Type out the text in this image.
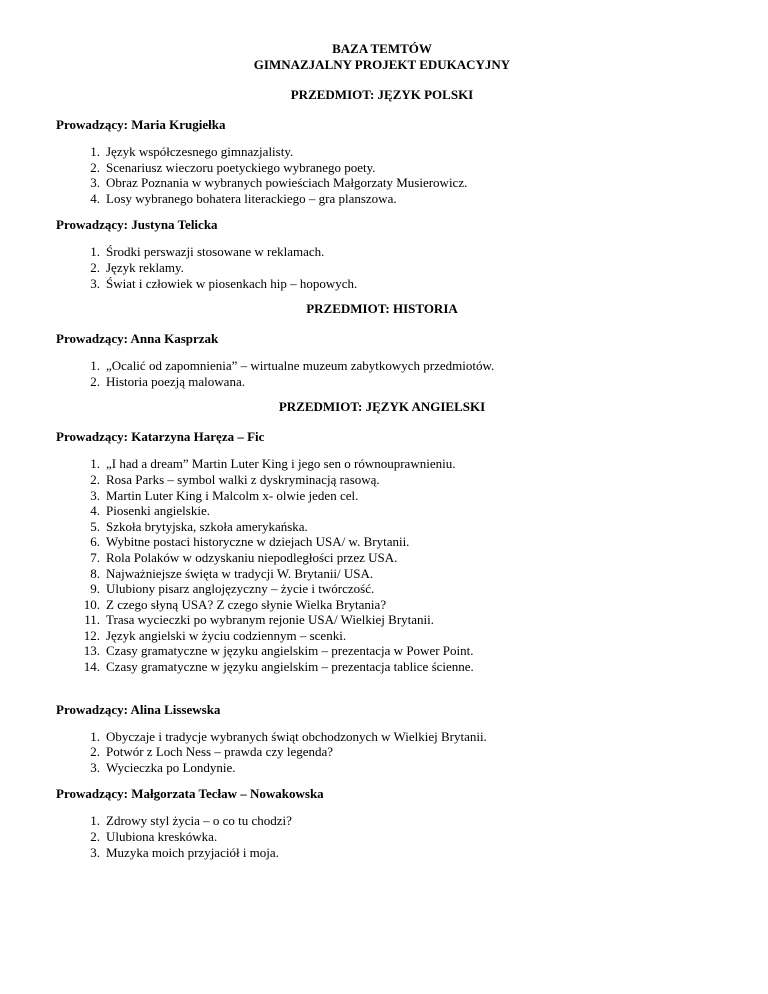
BAZA TEMTÓW
GIMNAZJALNY PROJEKT EDUKACYJNY

PRZEDMIOT: JĘZYK POLSKI

Prowadzący: Maria Krugiełka

1. Język współczesnego gimnazjalisty.
2. Scenariusz wieczoru poetyckiego wybranego poety.
3. Obraz Poznania w wybranych powieściach Małgorzaty Musierowicz.
4. Losy wybranego bohatera literackiego – gra planszowa.

Prowadzący: Justyna Telicka

1. Środki perswazji stosowane w reklamach.
2. Język reklamy.
3. Świat i człowiek w piosenkach hip – hopowych.

PRZEDMIOT: HISTORIA

Prowadzący: Anna Kasprzak

1. „Ocalić od zapomnienia” – wirtualne muzeum zabytkowych przedmiotów.
2. Historia poezją malowana.

PRZEDMIOT: JĘZYK ANGIELSKI

Prowadzący: Katarzyna Haręza – Fic

1. „I had a dream” Martin Luter King i jego sen o równouprawnieniu.
2. Rosa Parks – symbol walki z dyskryminacją rasową.
3. Martin Luter King i Malcolm x- olwie jeden cel.
4. Piosenki angielskie.
5. Szkoła brytyjska, szkoła amerykańska.
6. Wybitne postaci historyczne w dziejach USA/ w. Brytanii.
7. Rola Polaków w odzyskaniu niepodległości przez USA.
8. Najważniejsze święta w tradycji W. Brytanii/ USA.
9. Ulubiony pisarz anglojęzyczny – życie i twórczość.
10. Z czego słyną USA? Z czego słynie Wielka Brytania?
11. Trasa wycieczki po wybranym rejonie USA/ Wielkiej Brytanii.
12. Język angielski w życiu codziennym – scenki.
13. Czasy gramatyczne w języku angielskim – prezentacja w Power Point.
14. Czasy gramatyczne w języku angielskim – prezentacja tablice ścienne.

Prowadzący: Alina Lissewska

1. Obyczaje i tradycje wybranych świąt obchodzonych w Wielkiej Brytanii.
2. Potwór z Loch Ness – prawda czy legenda?
3. Wycieczka po Londynie.

Prowadzący: Małgorzata Tecław – Nowakowska

1. Zdrowy styl życia – o co tu chodzi?
2. Ulubiona kreskówka.
3. Muzyka moich przyjaciół i moja.
